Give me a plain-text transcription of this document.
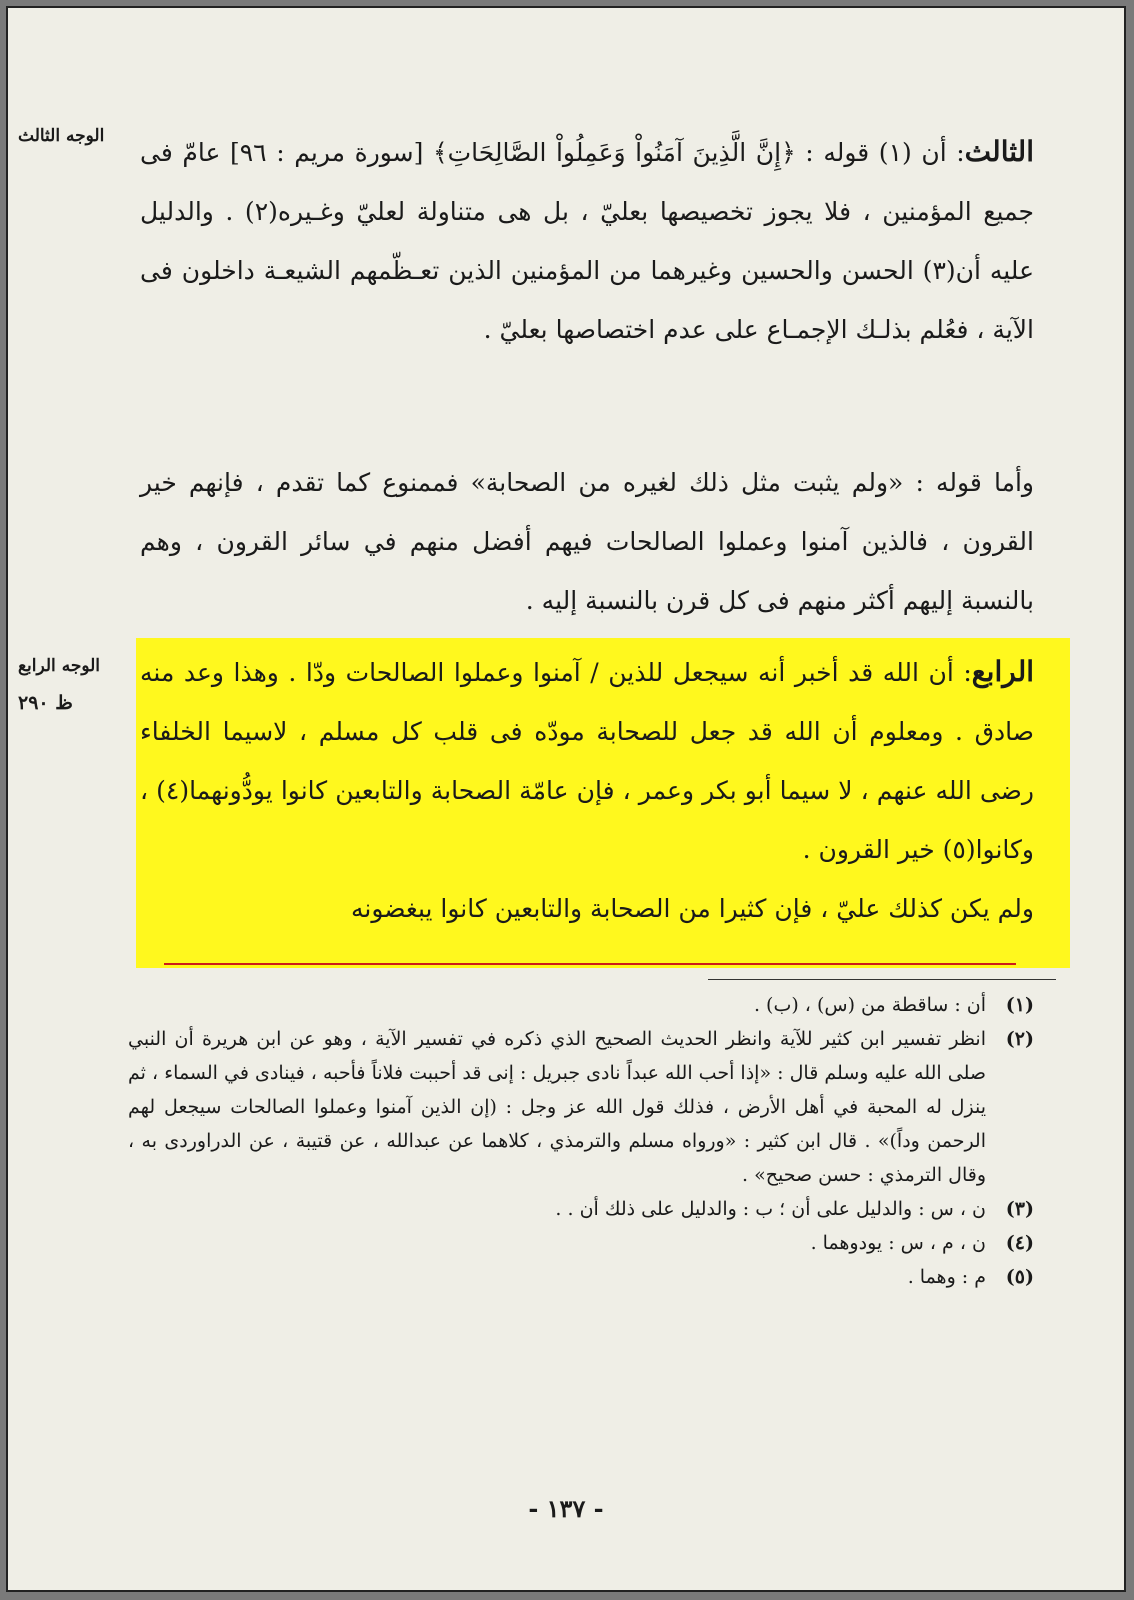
الوجه الثالث
الوجه الرابع
ظ ٢٩٠
الثالث: أن (١) قوله : ﴿إِنَّ الَّذِينَ آمَنُواْ وَعَمِلُواْ الصَّالِحَاتِ﴾ [سورة مريم : ٩٦] عامّ فى جميع المؤمنين ، فلا يجوز تخصيصها بعليّ ، بل هى متناولة لعليّ وغـيره(٢) . والدليل عليه أن(٣) الحسن والحسين وغيرهما من المؤمنين الذين تعـظّمهم الشيعـة داخلون فى الآية ، فعُلم بذلـك الإجمـاع على عدم اختصاصها بعليّ .
وأما قوله : «ولم يثبت مثل ذلك لغيره من الصحابة» فممنوع كما تقدم ، فإنهم خير القرون ، فالذين آمنوا وعملوا الصالحات فيهم أفضل منهم في سائر القرون ، وهم بالنسبة إليهم أكثر منهم فى كل قرن بالنسبة إليه .
الرابع: أن الله قد أخبر أنه سيجعل للذين / آمنوا وعملوا الصالحات ودّا . وهذا وعد منه صادق . ومعلوم أن الله قد جعل للصحابة مودّه فى قلب كل مسلم ، لاسيما الخلفاء رضى الله عنهم ، لا سيما أبو بكر وعمر ، فإن عامّة الصحابة والتابعين كانوا يودُّونهما(٤) ، وكانوا(٥) خير القرون .
ولم يكن كذلك عليّ ، فإن كثيرا من الصحابة والتابعين كانوا يبغضونه
(١)
أن : ساقطة من (س) ، (ب) .
(٢)
انظر تفسير ابن كثير للآية وانظر الحديث الصحيح الذي ذكره في تفسير الآية ، وهو عن ابن هريرة أن النبي صلى الله عليه وسلم قال : «إذا أحب الله عبداً نادى جبريل : إنى قد أحببت فلاناً فأحبه ، فينادى في السماء ، ثم ينزل له المحبة في أهل الأرض ، فذلك قول الله عز وجل : (إن الذين آمنوا وعملوا الصالحات سيجعل لهم الرحمن وداً)» . قال ابن كثير : «ورواه مسلم والترمذي ، كلاهما عن عبدالله ، عن قتيبة ، عن الدراوردى به ، وقال الترمذي : حسن صحيح» .
(٣)
ن ، س : والدليل على أن ؛ ب : والدليل على ذلك أن . .
(٤)
ن ، م ، س : يودوهما .
(٥)
م : وهما .
- ١٣٧ -
